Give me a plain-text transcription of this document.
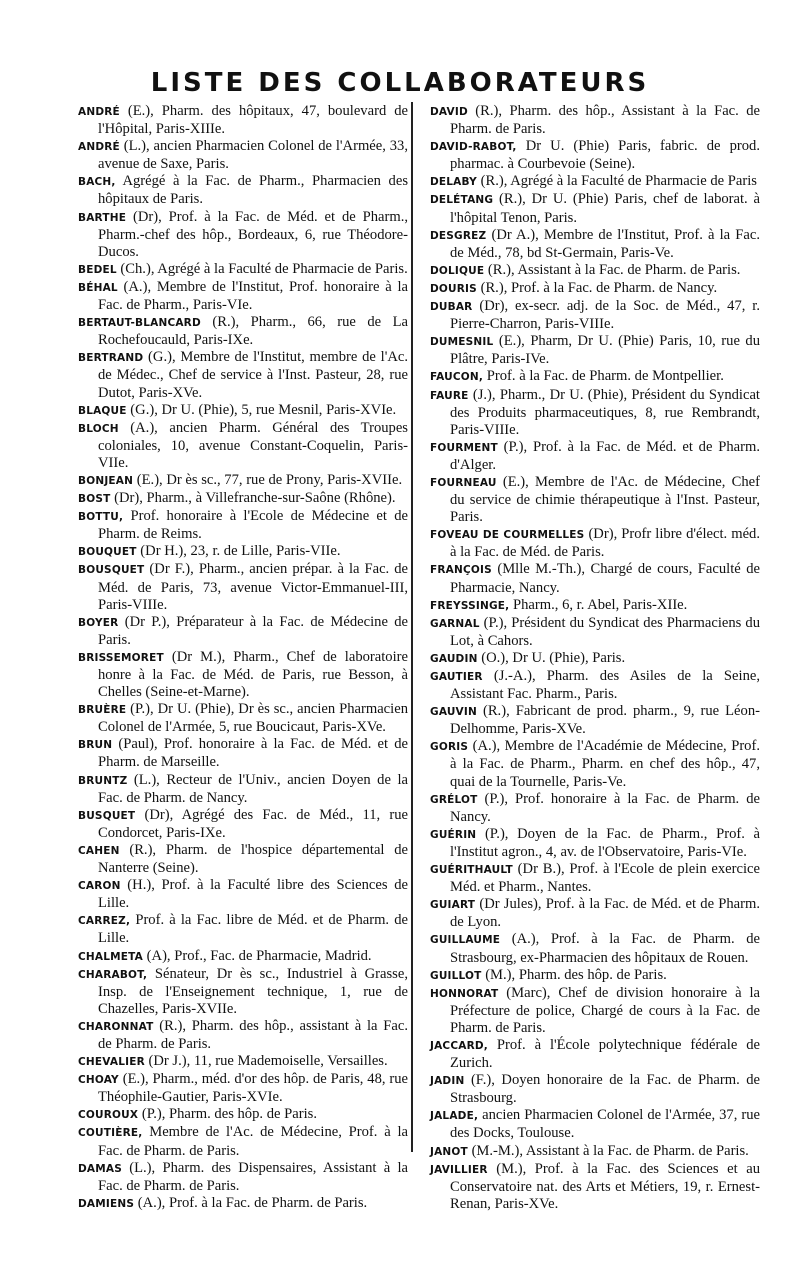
LISTE DES COLLABORATEURS

ANDRÉ (E.), Pharm. des hôpitaux, 47, boulevard de l'Hôpital, Paris-XIIIe.

ANDRÉ (L.), ancien Pharmacien Colonel de l'Armée, 33, avenue de Saxe, Paris.

BACH, Agrégé à la Fac. de Pharm., Pharmacien des hôpitaux de Paris.

BARTHE (Dr), Prof. à la Fac. de Méd. et de Pharm., Pharm.-chef des hôp., Bordeaux, 6, rue Théodore-Ducos.

BEDEL (Ch.), Agrégé à la Faculté de Pharmacie de Paris.

BÉHAL (A.), Membre de l'Institut, Prof. honoraire à la Fac. de Pharm., Paris-VIe.

BERTAUT-BLANCARD (R.), Pharm., 66, rue de La Rochefoucauld, Paris-IXe.

BERTRAND (G.), Membre de l'Institut, membre de l'Ac. de Médec., Chef de service à l'Inst. Pasteur, 28, rue Dutot, Paris-XVe.

BLAQUE (G.), Dr U. (Phie), 5, rue Mesnil, Paris-XVIe.

BLOCH (A.), ancien Pharm. Général des Troupes coloniales, 10, avenue Constant-Coquelin, Paris-VIIe.

BONJEAN (E.), Dr ès sc., 77, rue de Prony, Paris-XVIIe.

BOST (Dr), Pharm., à Villefranche-sur-Saône (Rhône).

BOTTU, Prof. honoraire à l'Ecole de Médecine et de Pharm. de Reims.

BOUQUET (Dr H.), 23, r. de Lille, Paris-VIIe.

BOUSQUET (Dr F.), Pharm., ancien prépar. à la Fac. de Méd. de Paris, 73, avenue Victor-Emmanuel-III, Paris-VIIIe.

BOYER (Dr P.), Préparateur à la Fac. de Médecine de Paris.

BRISSEMORET (Dr M.), Pharm., Chef de laboratoire honre à la Fac. de Méd. de Paris, rue Besson, à Chelles (Seine-et-Marne).

BRUÈRE (P.), Dr U. (Phie), Dr ès sc., ancien Pharmacien Colonel de l'Armée, 5, rue Boucicaut, Paris-XVe.

BRUN (Paul), Prof. honoraire à la Fac. de Méd. et de Pharm. de Marseille.

BRUNTZ (L.), Recteur de l'Univ., ancien Doyen de la Fac. de Pharm. de Nancy.

BUSQUET (Dr), Agrégé des Fac. de Méd., 11, rue Condorcet, Paris-IXe.

CAHEN (R.), Pharm. de l'hospice départemental de Nanterre (Seine).

CARON (H.), Prof. à la Faculté libre des Sciences de Lille.

CARREZ, Prof. à la Fac. libre de Méd. et de Pharm. de Lille.

CHALMETA (A), Prof., Fac. de Pharmacie, Madrid.

CHARABOT, Sénateur, Dr ès sc., Industriel à Grasse, Insp. de l'Enseignement technique, 1, rue de Chazelles, Paris-XVIIe.

CHARONNAT (R.), Pharm. des hôp., assistant à la Fac. de Pharm. de Paris.

CHEVALIER (Dr J.), 11, rue Mademoiselle, Versailles.

CHOAY (E.), Pharm., méd. d'or des hôp. de Paris, 48, rue Théophile-Gautier, Paris-XVIe.

COUROUX (P.), Pharm. des hôp. de Paris.

COUTIÈRE, Membre de l'Ac. de Médecine, Prof. à la Fac. de Pharm. de Paris.

DAMAS (L.), Pharm. des Dispensaires, Assistant à la Fac. de Pharm. de Paris.

DAMIENS (A.), Prof. à la Fac. de Pharm. de Paris.

DAVID (R.), Pharm. des hôp., Assistant à la Fac. de Pharm. de Paris.

DAVID-RABOT, Dr U. (Phie) Paris, fabric. de prod. pharmac. à Courbevoie (Seine).

DELABY (R.), Agrégé à la Faculté de Pharmacie de Paris

DELÉTANG (R.), Dr U. (Phie) Paris, chef de laborat. à l'hôpital Tenon, Paris.

DESGREZ (Dr A.), Membre de l'Institut, Prof. à la Fac. de Méd., 78, bd St-Germain, Paris-Ve.

DOLIQUE (R.), Assistant à la Fac. de Pharm. de Paris.

DOURIS (R.), Prof. à la Fac. de Pharm. de Nancy.

DUBAR (Dr), ex-secr. adj. de la Soc. de Méd., 47, r. Pierre-Charron, Paris-VIIIe.

DUMESNIL (E.), Pharm, Dr U. (Phie) Paris, 10, rue du Plâtre, Paris-IVe.

FAUCON, Prof. à la Fac. de Pharm. de Montpellier.

FAURE (J.), Pharm., Dr U. (Phie), Président du Syndicat des Produits pharmaceutiques, 8, rue Rembrandt, Paris-VIIIe.

FOURMENT (P.), Prof. à la Fac. de Méd. et de Pharm. d'Alger.

FOURNEAU (E.), Membre de l'Ac. de Médecine, Chef du service de chimie thérapeutique à l'Inst. Pasteur, Paris.

FOVEAU DE COURMELLES (Dr), Profr libre d'élect. méd. à la Fac. de Méd. de Paris.

FRANÇOIS (Mlle M.-Th.), Chargé de cours, Faculté de Pharmacie, Nancy.

FREYSSINGE, Pharm., 6, r. Abel, Paris-XIIe.

GARNAL (P.), Président du Syndicat des Pharmaciens du Lot, à Cahors.

GAUDIN (O.), Dr U. (Phie), Paris.

GAUTIER (J.-A.), Pharm. des Asiles de la Seine, Assistant Fac. Pharm., Paris.

GAUVIN (R.), Fabricant de prod. pharm., 9, rue Léon-Delhomme, Paris-XVe.

GORIS (A.), Membre de l'Académie de Médecine, Prof. à la Fac. de Pharm., Pharm. en chef des hôp., 47, quai de la Tournelle, Paris-Ve.

GRÉLOT (P.), Prof. honoraire à la Fac. de Pharm. de Nancy.

GUÉRIN (P.), Doyen de la Fac. de Pharm., Prof. à l'Institut agron., 4, av. de l'Observatoire, Paris-VIe.

GUÉRITHAULT (Dr B.), Prof. à l'Ecole de plein exercice Méd. et Pharm., Nantes.

GUIART (Dr Jules), Prof. à la Fac. de Méd. et de Pharm. de Lyon.

GUILLAUME (A.), Prof. à la Fac. de Pharm. de Strasbourg, ex-Pharmacien des hôpitaux de Rouen.

GUILLOT (M.), Pharm. des hôp. de Paris.

HONNORAT (Marc), Chef de division honoraire à la Préfecture de police, Chargé de cours à la Fac. de Pharm. de Paris.

JACCARD, Prof. à l'École polytechnique fédérale de Zurich.

JADIN (F.), Doyen honoraire de la Fac. de Pharm. de Strasbourg.

JALADE, ancien Pharmacien Colonel de l'Armée, 37, rue des Docks, Toulouse.

JANOT (M.-M.), Assistant à la Fac. de Pharm. de Paris.

JAVILLIER (M.), Prof. à la Fac. des Sciences et au Conservatoire nat. des Arts et Métiers, 19, r. Ernest-Renan, Paris-XVe.
